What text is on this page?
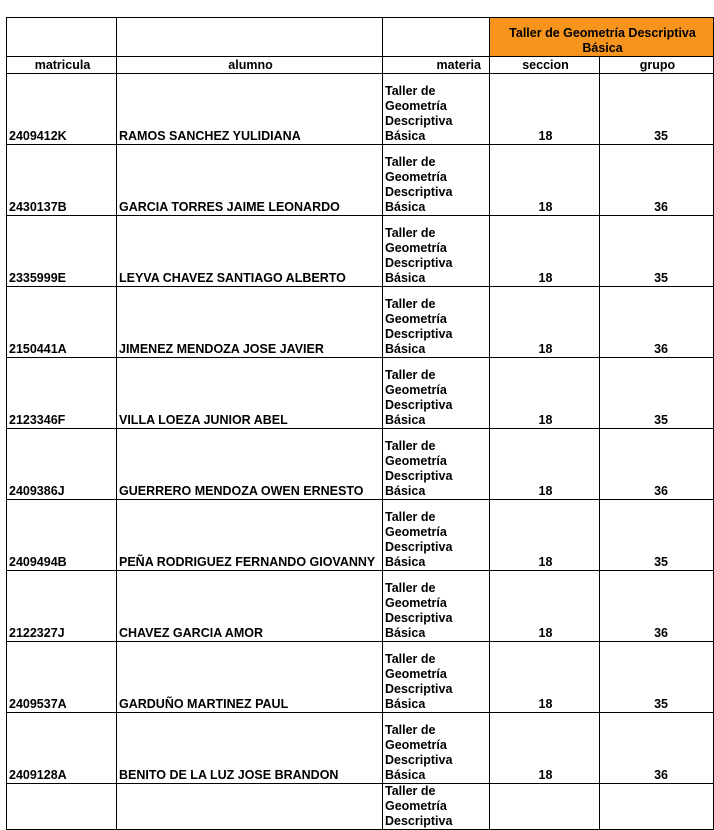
			Taller de Geometría Descriptiva Básica	
matricula	alumno	materia	seccion	grupo
2409412K	RAMOS SANCHEZ YULIDIANA	Taller de Geometría Descriptiva Básica	18	35
2430137B	GARCIA TORRES JAIME LEONARDO	Taller de Geometría Descriptiva Básica	18	36
2335999E	LEYVA CHAVEZ SANTIAGO ALBERTO	Taller de Geometría Descriptiva Básica	18	35
2150441A	JIMENEZ MENDOZA JOSE JAVIER	Taller de Geometría Descriptiva Básica	18	36
2123346F	VILLA LOEZA JUNIOR ABEL	Taller de Geometría Descriptiva Básica	18	35
2409386J	GUERRERO MENDOZA OWEN ERNESTO	Taller de Geometría Descriptiva Básica	18	36
2409494B	PEÑA RODRIGUEZ FERNANDO GIOVANNY	Taller de Geometría Descriptiva Básica	18	35
2122327J	CHAVEZ GARCIA AMOR	Taller de Geometría Descriptiva Básica	18	36
2409537A	GARDUÑO MARTINEZ PAUL	Taller de Geometría Descriptiva Básica	18	35
2409128A	BENITO DE LA LUZ JOSE BRANDON	Taller de Geometría Descriptiva Básica	18	36
		Taller de Geometría Descriptiva		
